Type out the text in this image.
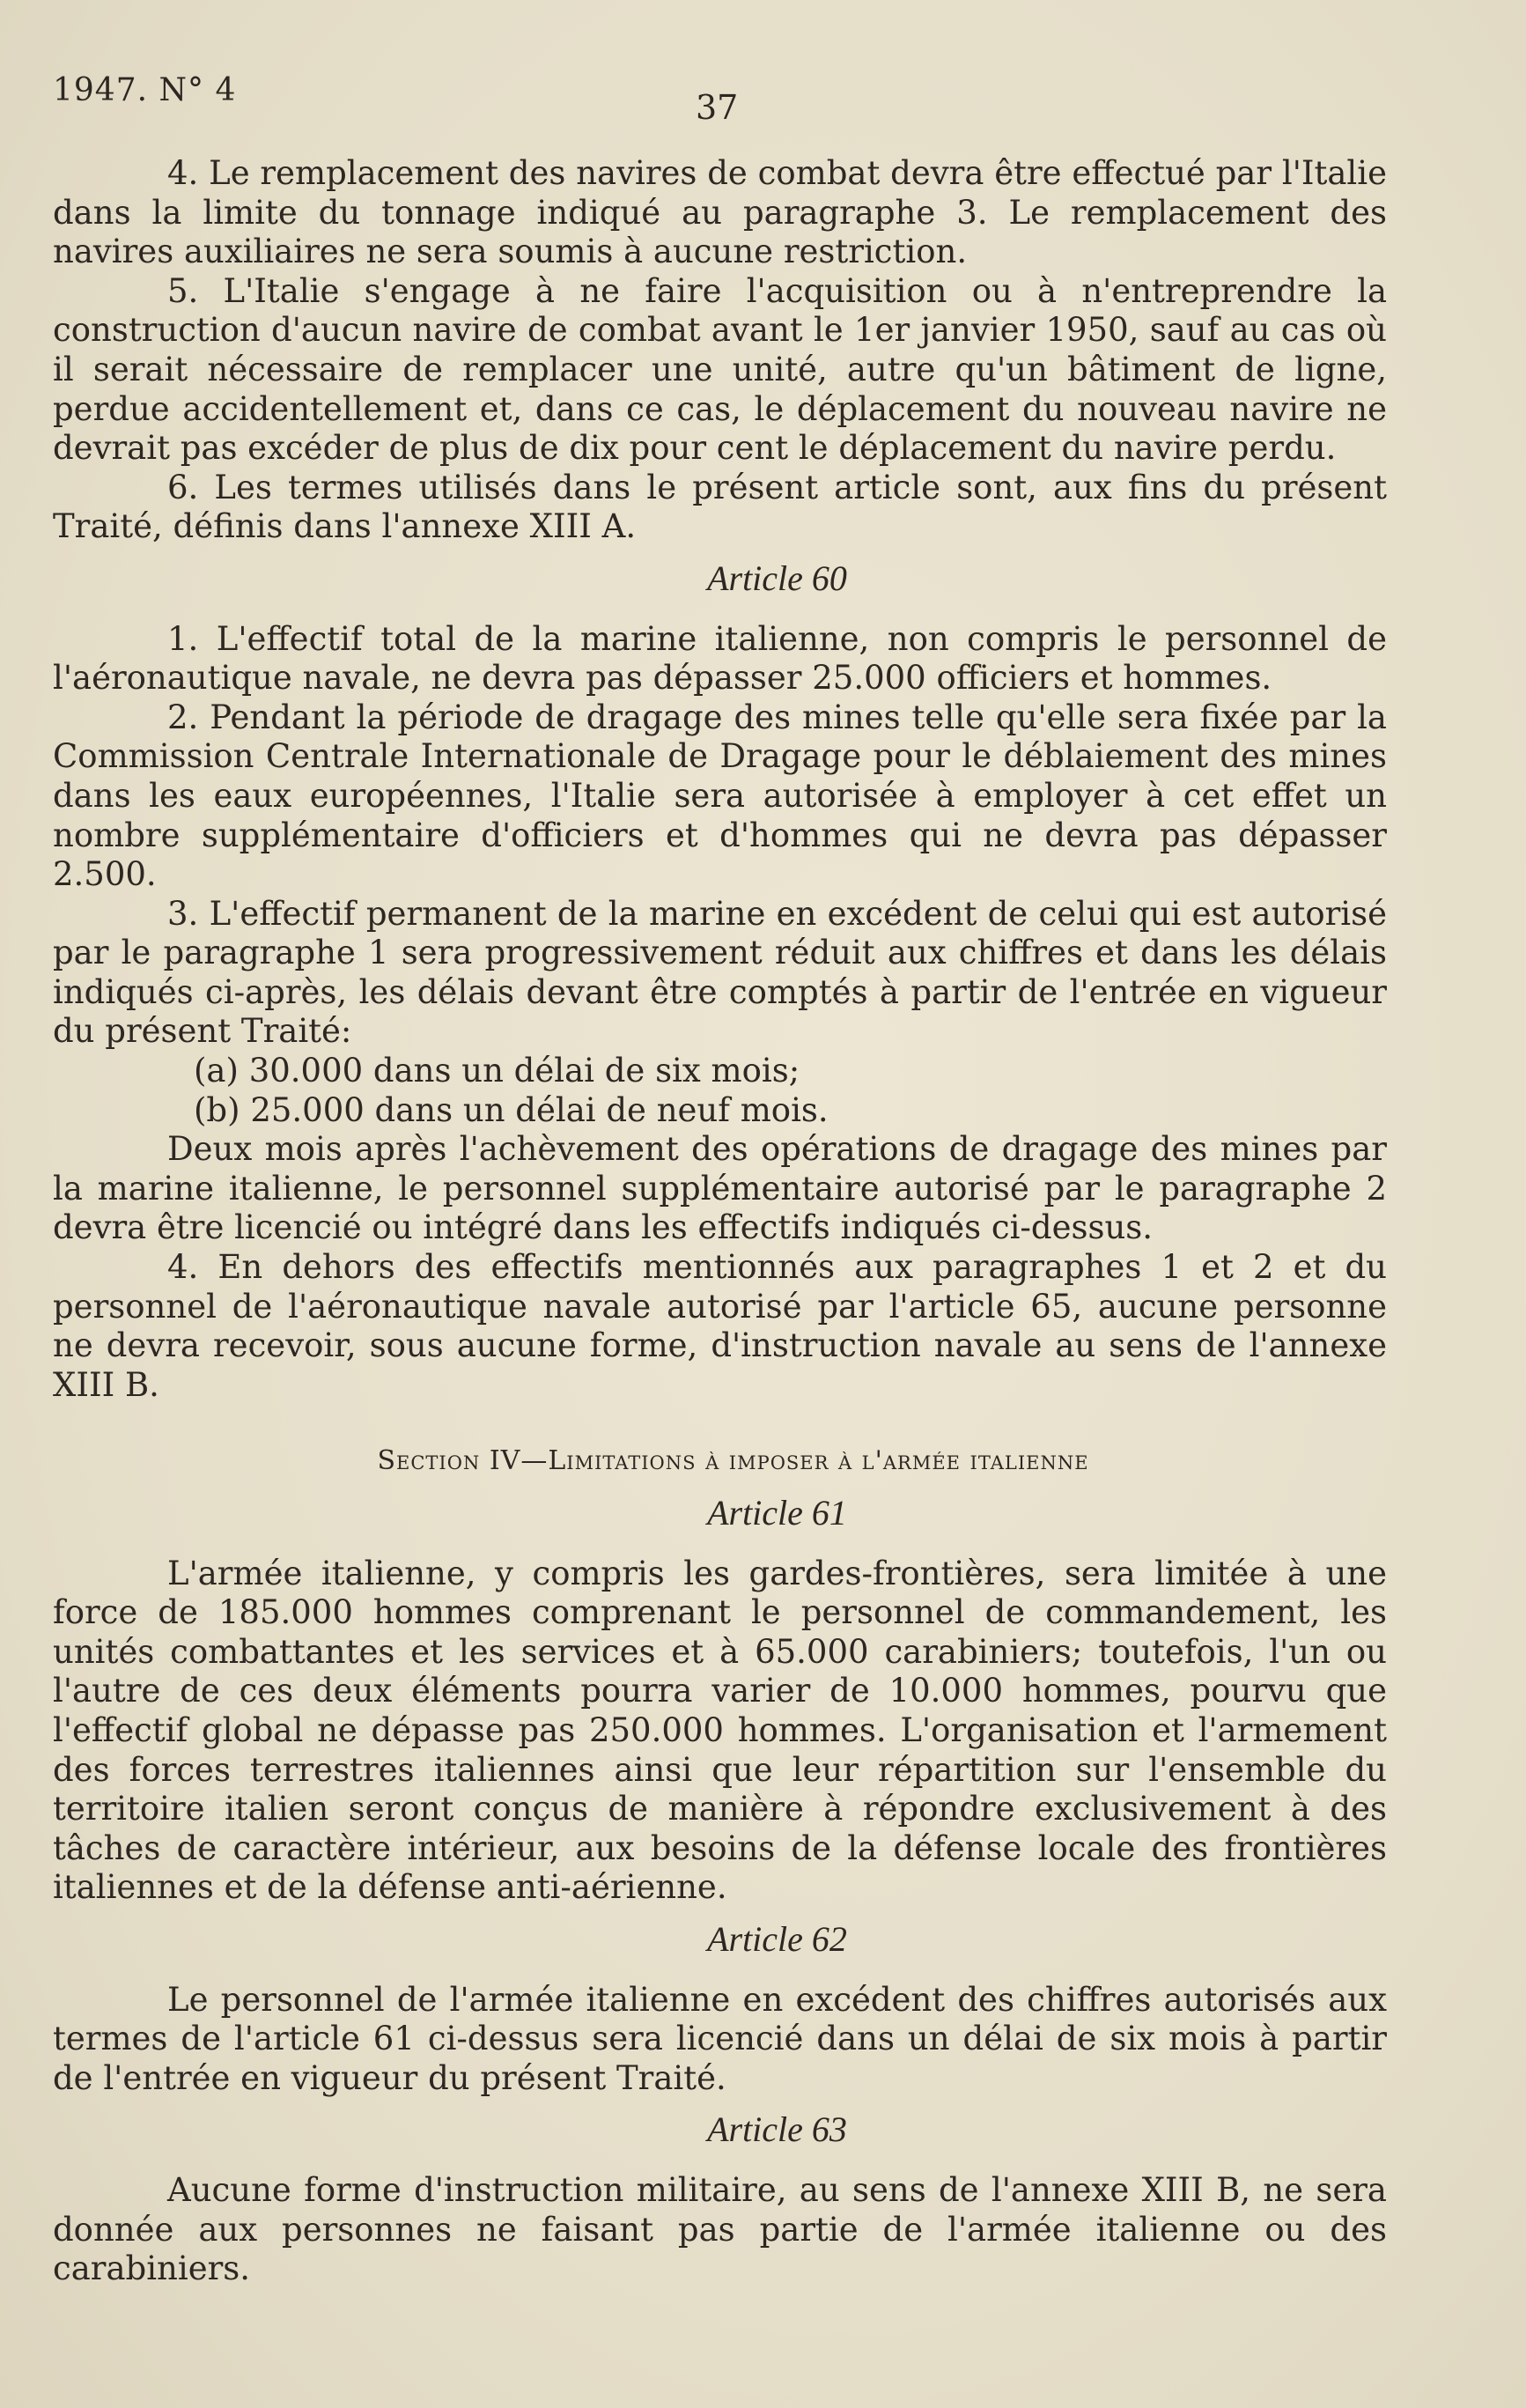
1947. N° 4	37

4. Le remplacement des navires de combat devra être effectué par l'Italie dans la limite du tonnage indiqué au paragraphe 3. Le remplacement des navires auxiliaires ne sera soumis à aucune restriction.

5. L'Italie s'engage à ne faire l'acquisition ou à n'entreprendre la construction d'aucun navire de combat avant le 1er janvier 1950, sauf au cas où il serait nécessaire de remplacer une unité, autre qu'un bâtiment de ligne, perdue accidentellement et, dans ce cas, le déplacement du nouveau navire ne devrait pas excéder de plus de dix pour cent le déplacement du navire perdu.

6. Les termes utilisés dans le présent article sont, aux fins du présent Traité, définis dans l'annexe XIII A.

Article 60

1. L'effectif total de la marine italienne, non compris le personnel de l'aéronautique navale, ne devra pas dépasser 25.000 officiers et hommes.

2. Pendant la période de dragage des mines telle qu'elle sera fixée par la Commission Centrale Internationale de Dragage pour le déblaiement des mines dans les eaux européennes, l'Italie sera autorisée à employer à cet effet un nombre supplémentaire d'officiers et d'hommes qui ne devra pas dépasser 2.500.

3. L'effectif permanent de la marine en excédent de celui qui est autorisé par le paragraphe 1 sera progressivement réduit aux chiffres et dans les délais indiqués ci-après, les délais devant être comptés à partir de l'entrée en vigueur du présent Traité:

(a) 30.000 dans un délai de six mois;

(b) 25.000 dans un délai de neuf mois.

Deux mois après l'achèvement des opérations de dragage des mines par la marine italienne, le personnel supplémentaire autorisé par le paragraphe 2 devra être licencié ou intégré dans les effectifs indiqués ci-dessus.

4. En dehors des effectifs mentionnés aux paragraphes 1 et 2 et du personnel de l'aéronautique navale autorisé par l'article 65, aucune personne ne devra recevoir, sous aucune forme, d'instruction navale au sens de l'annexe XIII B.

Section IV—Limitations à imposer à l'armée italienne
Article 61

L'armée italienne, y compris les gardes-frontières, sera limitée à une force de 185.000 hommes comprenant le personnel de commandement, les unités combattantes et les services et à 65.000 carabiniers; toutefois, l'un ou l'autre de ces deux éléments pourra varier de 10.000 hommes, pourvu que l'effectif global ne dépasse pas 250.000 hommes. L'organisation et l'armement des forces terrestres italiennes ainsi que leur répartition sur l'ensemble du territoire italien seront conçus de manière à répondre exclusivement à des tâches de caractère intérieur, aux besoins de la défense locale des frontières italiennes et de la défense anti-aérienne.

Article 62

Le personnel de l'armée italienne en excédent des chiffres autorisés aux termes de l'article 61 ci-dessus sera licencié dans un délai de six mois à partir de l'entrée en vigueur du présent Traité.

Article 63

Aucune forme d'instruction militaire, au sens de l'annexe XIII B, ne sera donnée aux personnes ne faisant pas partie de l'armée italienne ou des carabiniers.
